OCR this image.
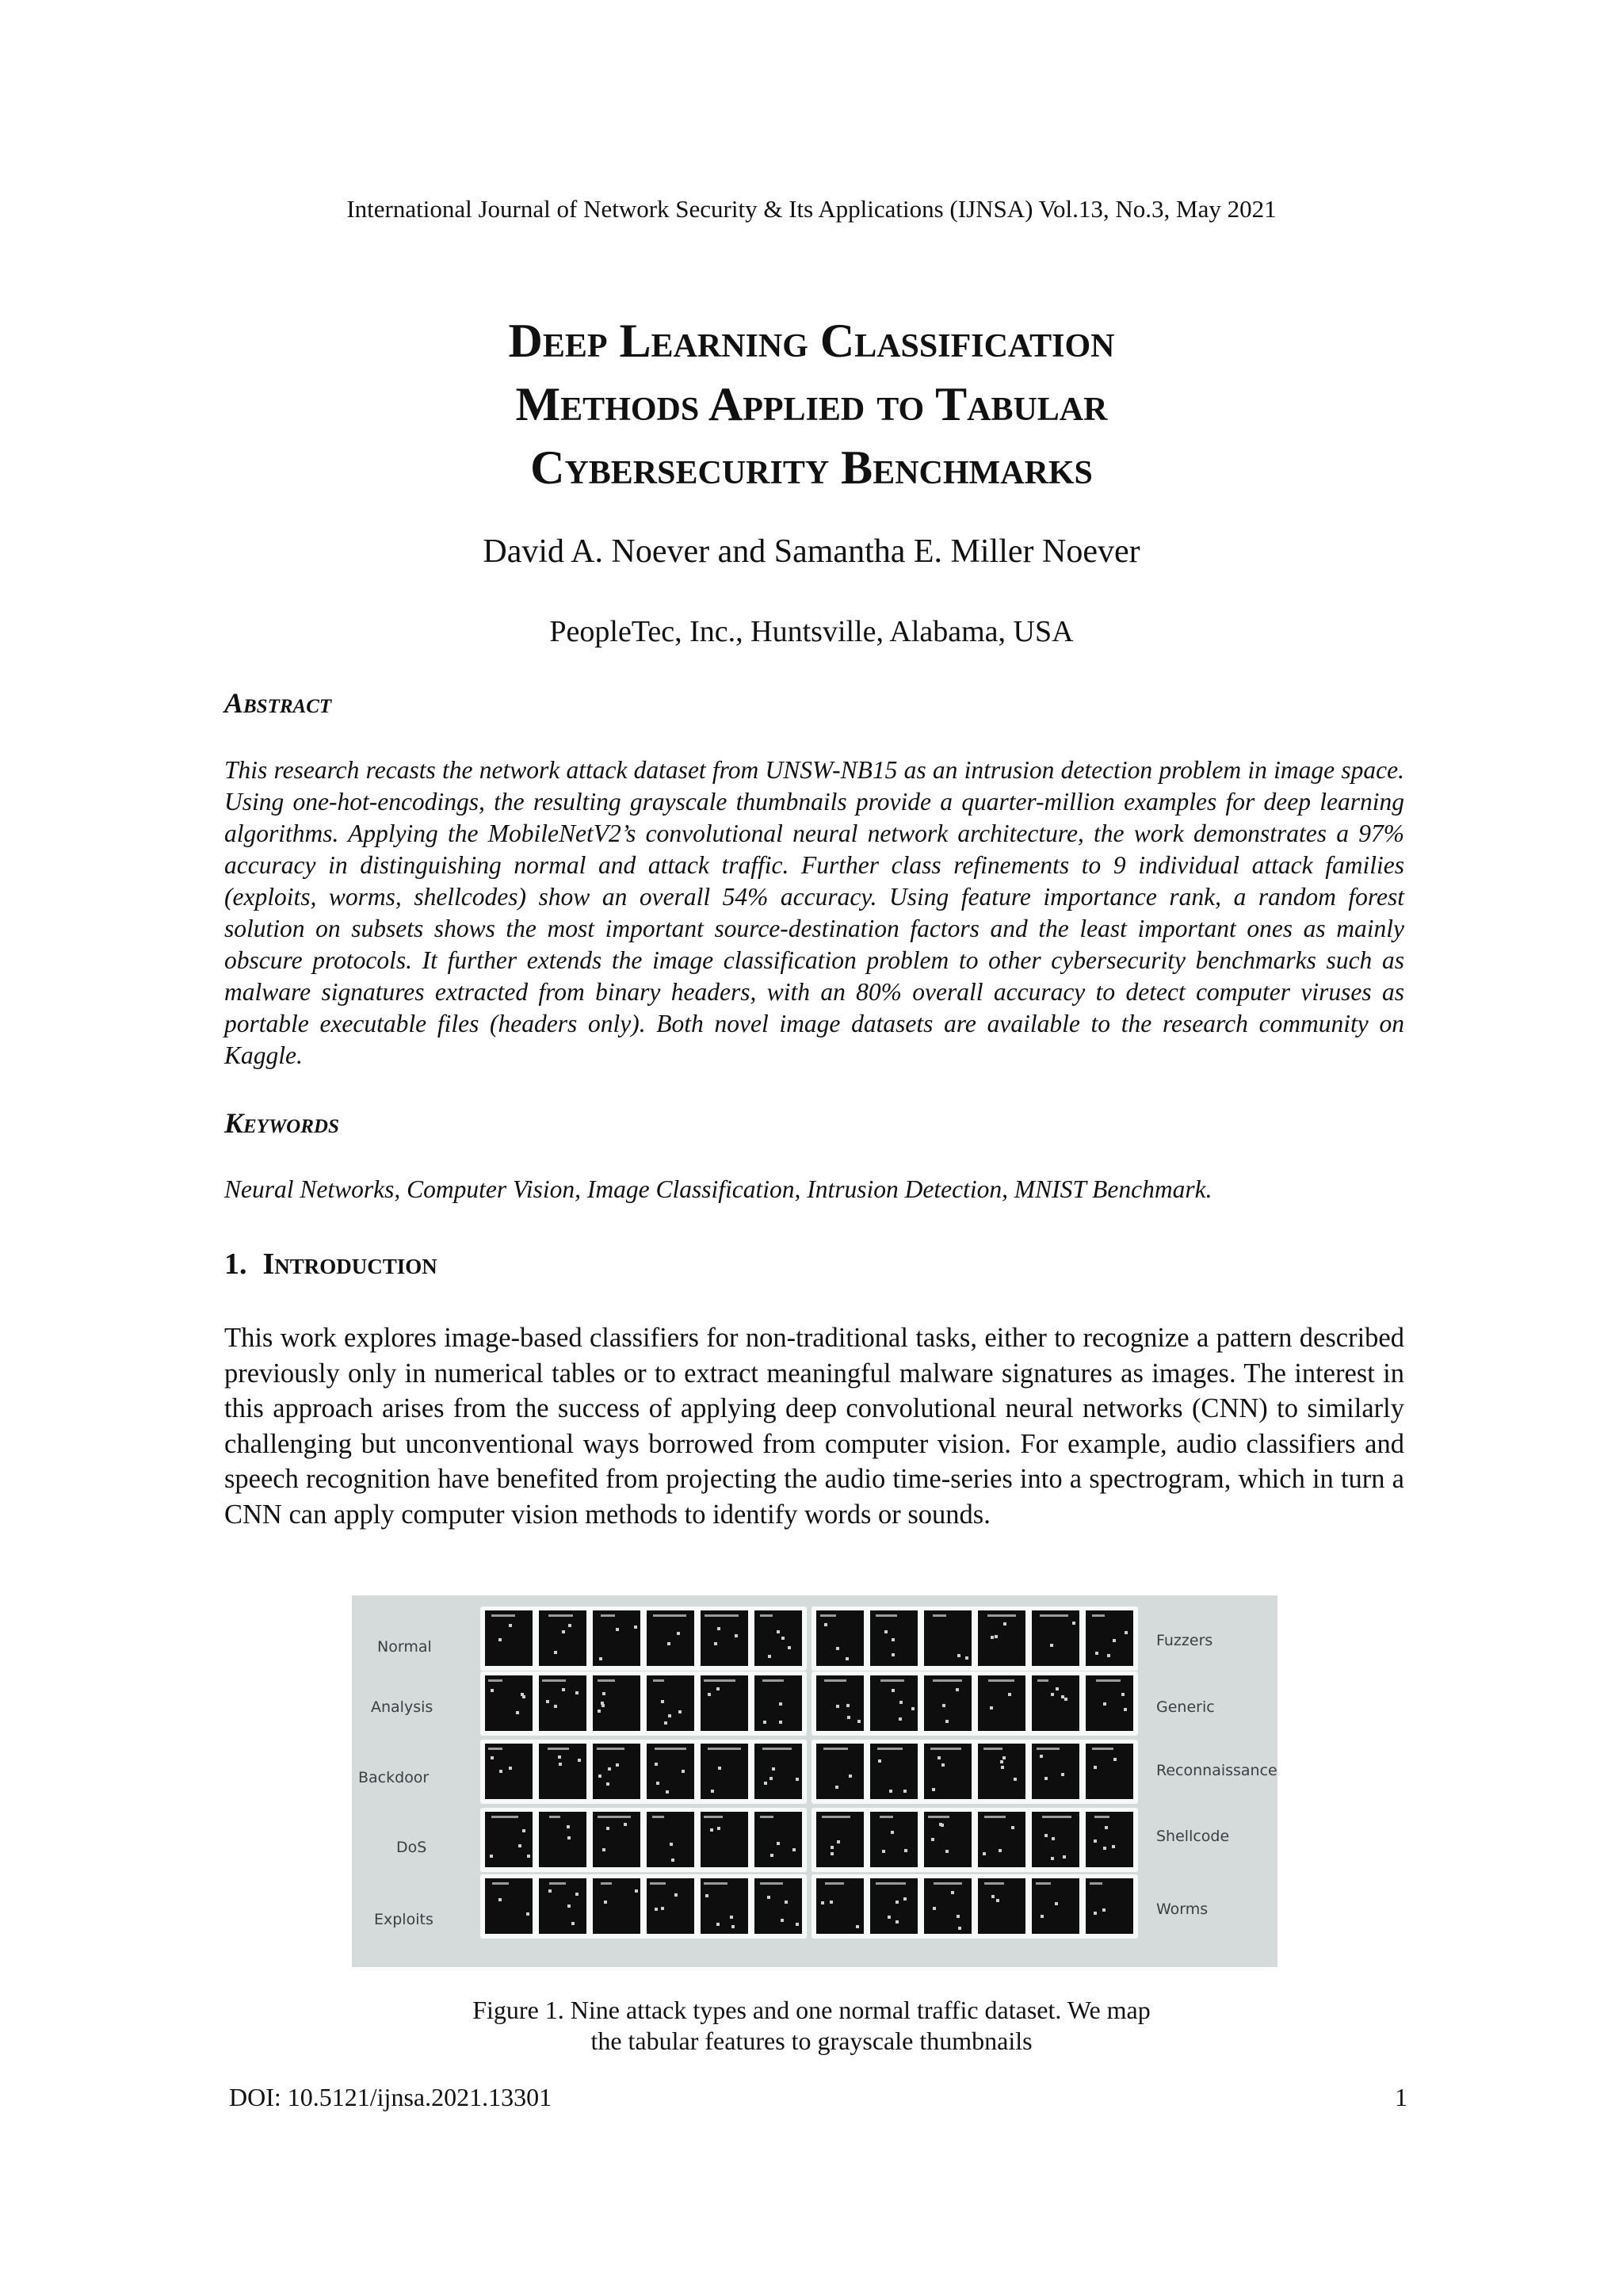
International Journal of Network Security & Its Applications (IJNSA) Vol.13, No.3, May 2021
Deep Learning Classification
Methods Applied to Tabular
Cybersecurity Benchmarks
David A. Noever and Samantha E. Miller Noever
PeopleTec, Inc., Huntsville, Alabama, USA
Abstract
This research recasts the network attack dataset from UNSW-NB15 as an intrusion detection problem in image space. Using one-hot-encodings, the resulting grayscale thumbnails provide a quarter-million examples for deep learning algorithms. Applying the MobileNetV2’s convolutional neural network architecture, the work demonstrates a 97% accuracy in distinguishing normal and attack traffic. Further class refinements to 9 individual attack families (exploits, worms, shellcodes) show an overall 54% accuracy. Using feature importance rank, a random forest solution on subsets shows the most important source-destination factors and the least important ones as mainly obscure protocols. It further extends the image classification problem to other cybersecurity benchmarks such as malware signatures extracted from binary headers, with an 80% overall accuracy to detect computer viruses as portable executable files (headers only). Both novel image datasets are available to the research community on Kaggle.
Keywords
Neural Networks, Computer Vision, Image Classification, Intrusion Detection, MNIST Benchmark.
1. Introduction
This work explores image-based classifiers for non-traditional tasks, either to recognize a pattern described previously only in numerical tables or to extract meaningful malware signatures as images. The interest in this approach arises from the success of applying deep convolutional neural networks (CNN) to similarly challenging but unconventional ways borrowed from computer vision. For example, audio classifiers and speech recognition have benefited from projecting the audio time-series into a spectrogram, which in turn a CNN can apply computer vision methods to identify words or sounds.
Normal
Analysis
Backdoor
DoS
Exploits
Fuzzers
Generic
Reconnaissance
Shellcode
Worms
Figure 1. Nine attack types and one normal traffic dataset. We map
the tabular features to grayscale thumbnails
DOI: 10.5121/ijnsa.2021.13301	1
